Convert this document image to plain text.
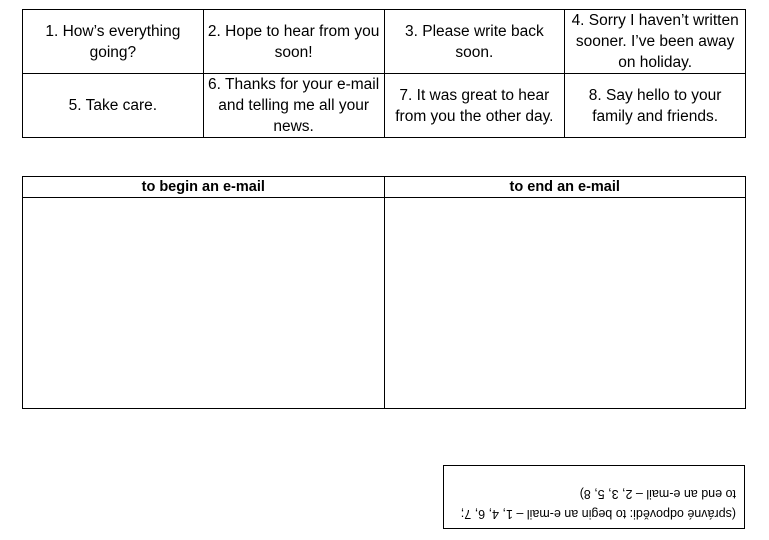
1. How’s everything going?	2. Hope to hear from you soon!	3. Please write back soon.	4. Sorry I haven’t written sooner. I’ve been away on holiday.
5. Take care.	6. Thanks for your e-mail and telling me all your news.	7. It was great to hear from you the other day.	8. Say hello to your family and friends.
to begin an e-mail	to end an e-mail

(správné odpovědi: to begin an e-mail – 1, 4, 6, 7; to end an e-mail – 2, 3, 5, 8)
